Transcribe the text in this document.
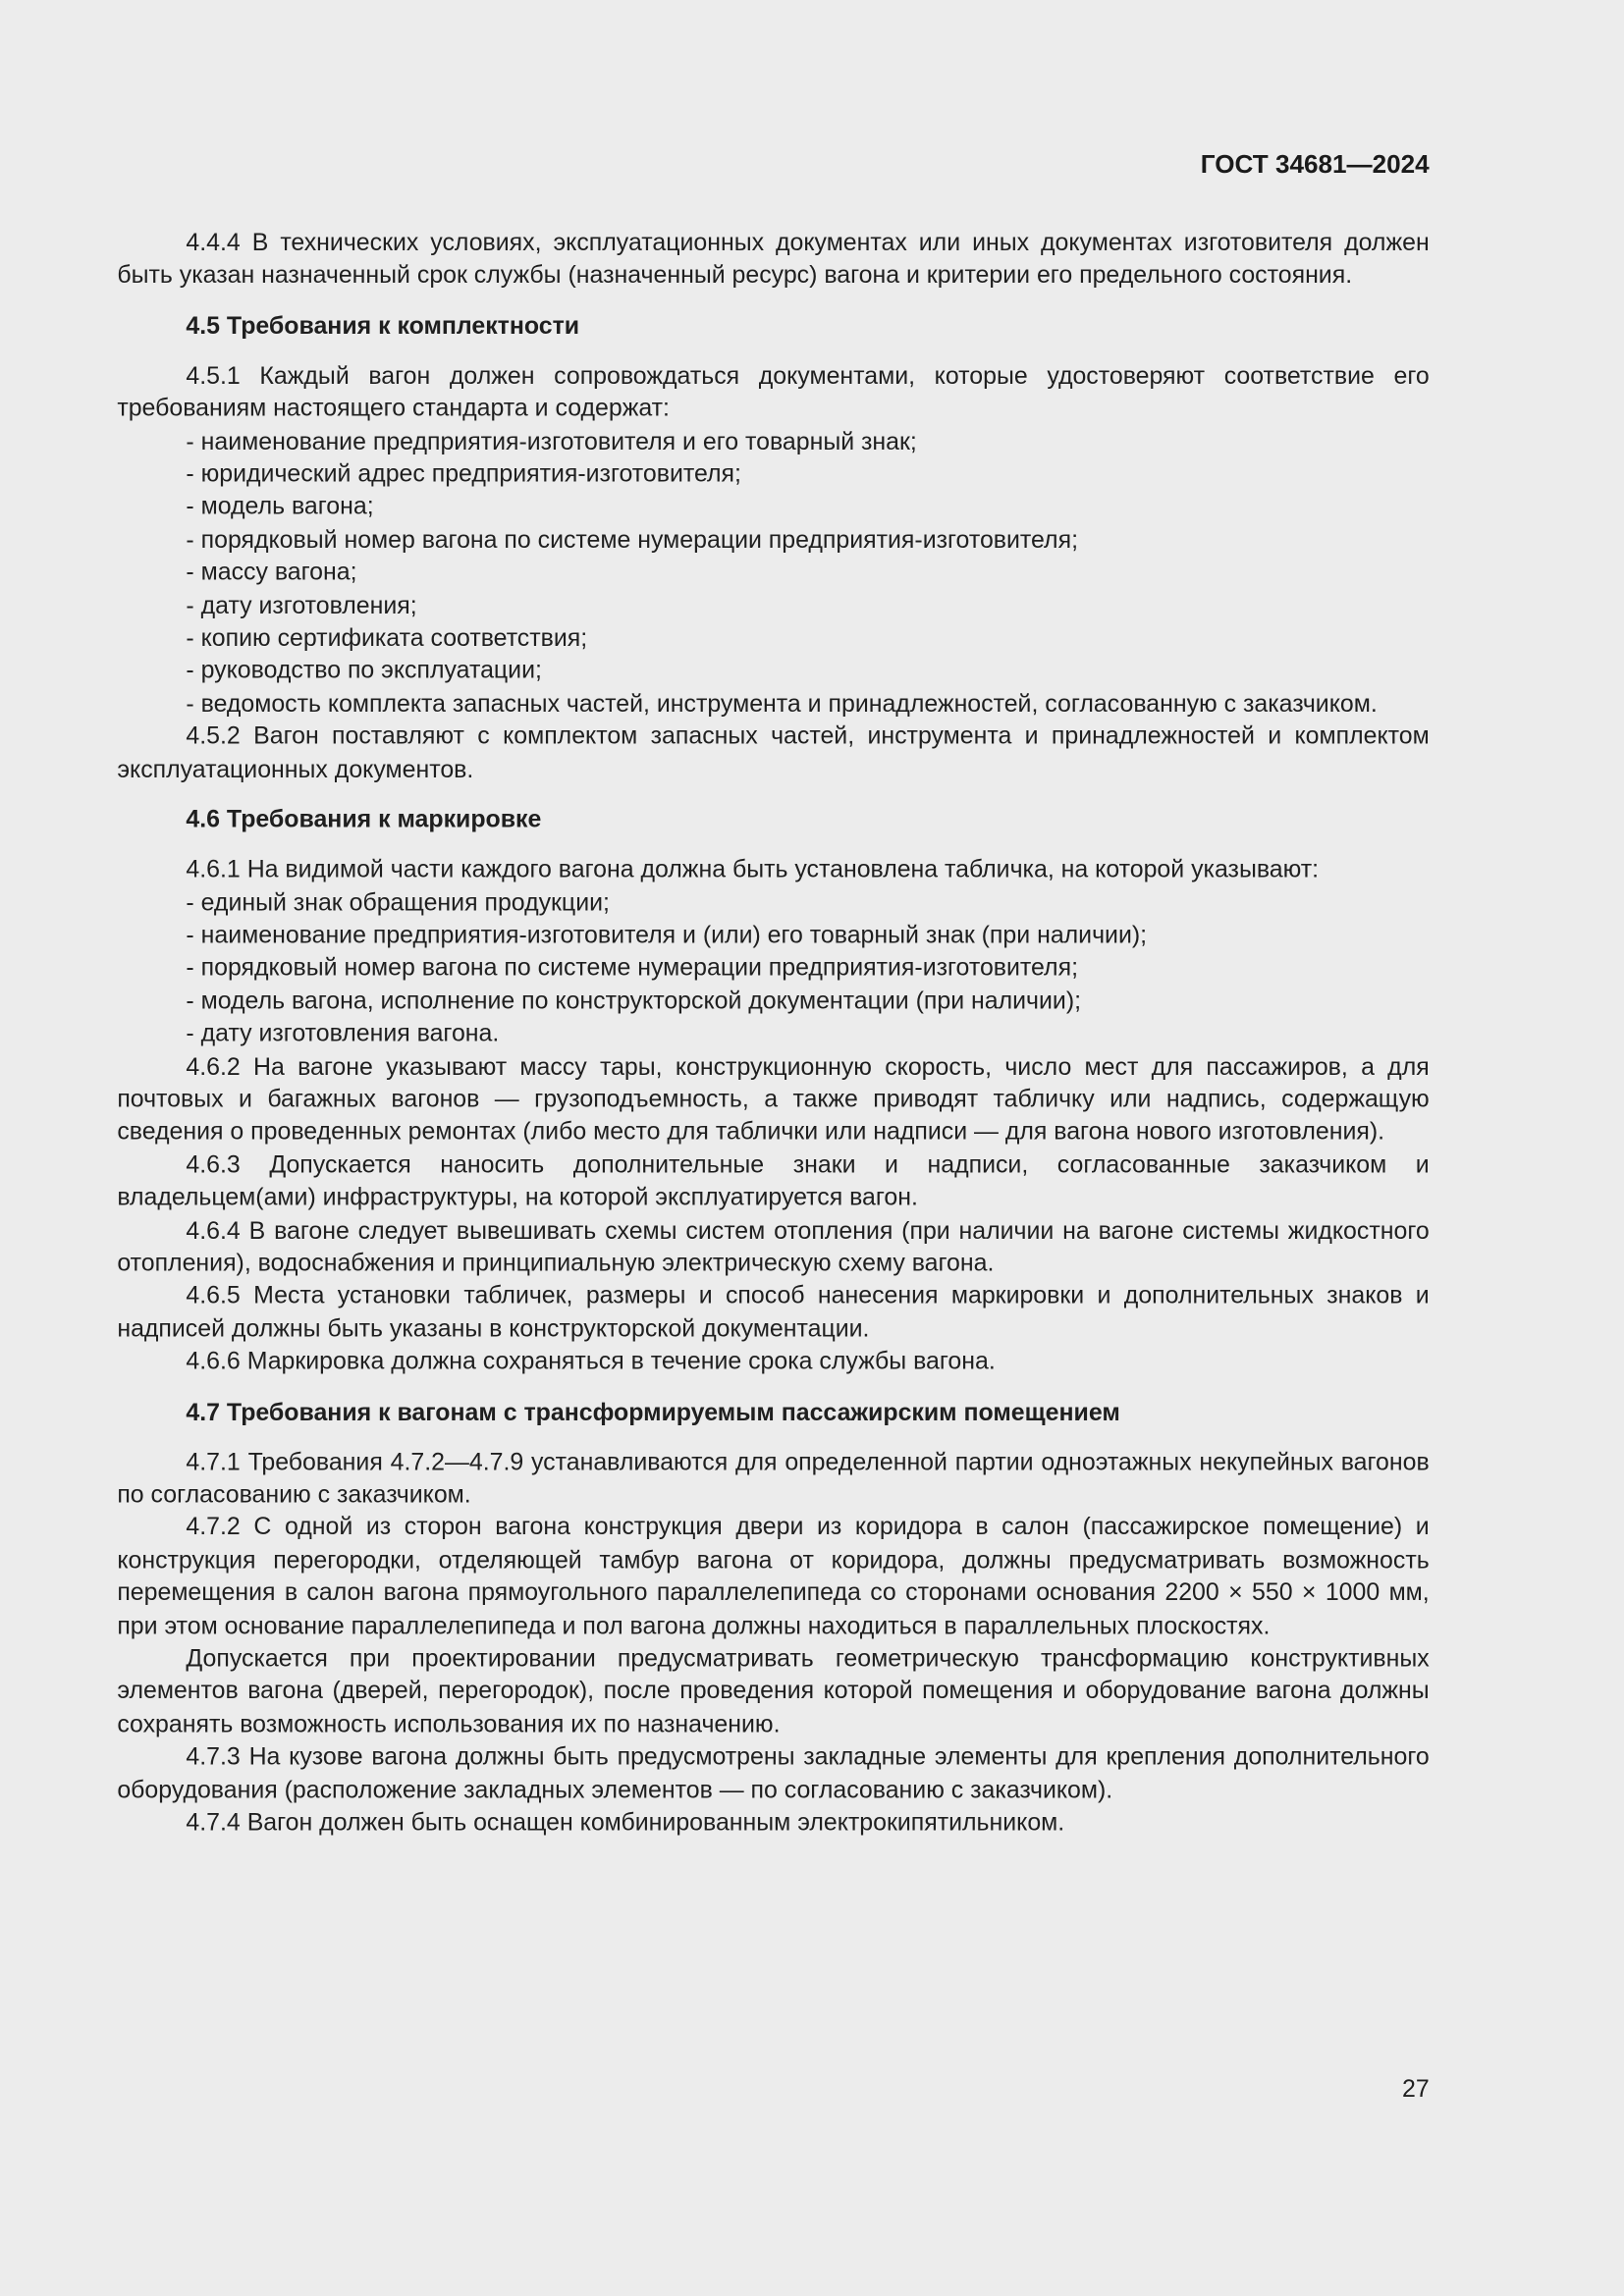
ГОСТ 34681—2024

4.4.4 В технических условиях, эксплуатационных документах или иных документах изготовителя должен быть указан назначенный срок службы (назначенный ресурс) вагона и критерии его предельного состояния.

4.5 Требования к комплектности

4.5.1 Каждый вагон должен сопровождаться документами, которые удостоверяют соответствие его требованиям настоящего стандарта и содержат:

- наименование предприятия-изготовителя и его товарный знак;

- юридический адрес предприятия-изготовителя;

- модель вагона;

- порядковый номер вагона по системе нумерации предприятия-изготовителя;

- массу вагона;

- дату изготовления;

- копию сертификата соответствия;

- руководство по эксплуатации;

- ведомость комплекта запасных частей, инструмента и принадлежностей, согласованную с заказчиком.

4.5.2 Вагон поставляют с комплектом запасных частей, инструмента и принадлежностей и комплектом эксплуатационных документов.

4.6 Требования к маркировке

4.6.1 На видимой части каждого вагона должна быть установлена табличка, на которой указывают:

- единый знак обращения продукции;

- наименование предприятия-изготовителя и (или) его товарный знак (при наличии);

- порядковый номер вагона по системе нумерации предприятия-изготовителя;

- модель вагона, исполнение по конструкторской документации (при наличии);

- дату изготовления вагона.

4.6.2 На вагоне указывают массу тары, конструкционную скорость, число мест для пассажиров, а для почтовых и багажных вагонов — грузоподъемность, а также приводят табличку или надпись, содержащую сведения о проведенных ремонтах (либо место для таблички или надписи — для вагона нового изготовления).

4.6.3 Допускается наносить дополнительные знаки и надписи, согласованные заказчиком и владельцем(ами) инфраструктуры, на которой эксплуатируется вагон.

4.6.4 В вагоне следует вывешивать схемы систем отопления (при наличии на вагоне системы жидкостного отопления), водоснабжения и принципиальную электрическую схему вагона.

4.6.5 Места установки табличек, размеры и способ нанесения маркировки и дополнительных знаков и надписей должны быть указаны в конструкторской документации.

4.6.6 Маркировка должна сохраняться в течение срока службы вагона.

4.7 Требования к вагонам с трансформируемым пассажирским помещением

4.7.1 Требования 4.7.2—4.7.9 устанавливаются для определенной партии одноэтажных некупейных вагонов по согласованию с заказчиком.

4.7.2 С одной из сторон вагона конструкция двери из коридора в салон (пассажирское помещение) и конструкция перегородки, отделяющей тамбур вагона от коридора, должны предусматривать возможность перемещения в салон вагона прямоугольного параллелепипеда со сторонами основания 2200 × 550 × 1000 мм, при этом основание параллелепипеда и пол вагона должны находиться в параллельных плоскостях.

Допускается при проектировании предусматривать геометрическую трансформацию конструктивных элементов вагона (дверей, перегородок), после проведения которой помещения и оборудование вагона должны сохранять возможность использования их по назначению.

4.7.3 На кузове вагона должны быть предусмотрены закладные элементы для крепления дополнительного оборудования (расположение закладных элементов — по согласованию с заказчиком).

4.7.4 Вагон должен быть оснащен комбинированным электрокипятильником.

27
